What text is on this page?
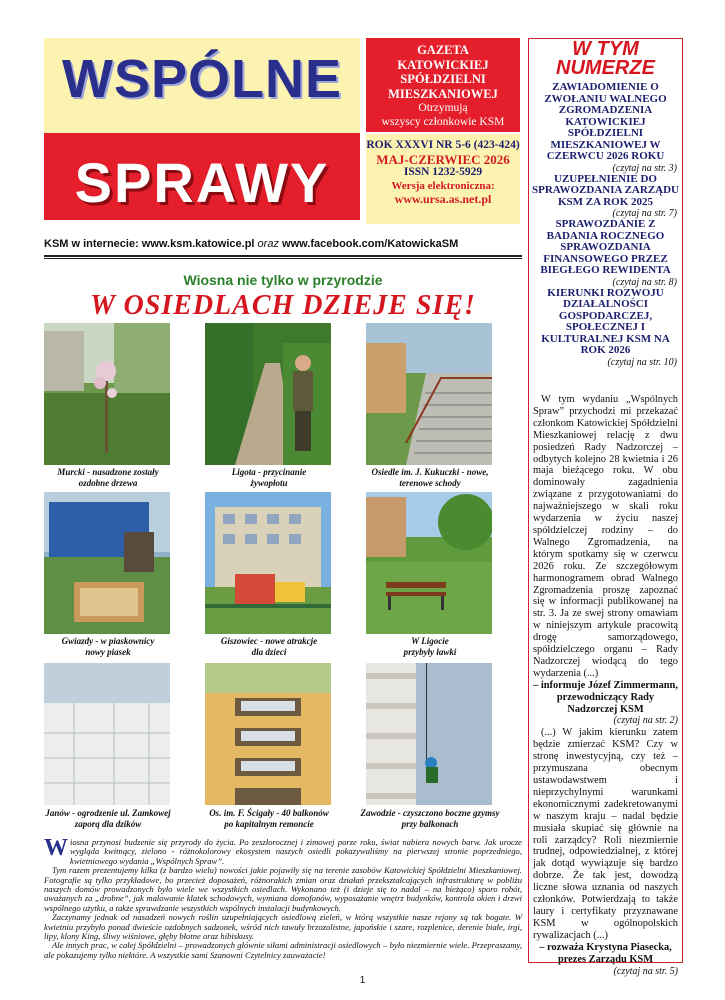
WSPÓLNE
SPRAWY
GAZETA
KATOWICKIEJ
SPÓŁDZIELNI
MIESZKANIOWEJ
Otrzymują
wszyscy członkowie KSM
ROK XXXVI NR 5-6 (423-424)
MAJ-CZERWIEC 2026
ISSN 1232-5929
Wersja elektroniczna:
www.ursa.as.net.pl
KSM w internecie: www.ksm.katowice.pl oraz www.facebook.com/KatowickaSM
Wiosna nie tylko w przyrodzie
W OSIEDLACH DZIEJE SIĘ!
Murcki - nasadzone zostały
ozdobne drzewa
Ligota - przycinanie
żywopłotu
Osiedle im. J. Kukuczki - nowe,
terenowe schody
Gwiazdy - w piaskownicy
nowy piasek
Giszowiec - nowe atrakcje
dla dzieci
W Ligocie
przybyły ławki
Janów - ogrodzenie ul. Zamkowej
zaporą dla dzików
Os. im. F. Ścigały - 40 balkonów
po kapitalnym remoncie
Zawodzie - czyszczono boczne gzymsy
przy balkonach

Wiosna przynosi budzenie się przyrody do życia. Po zeszłorocznej i zimowej porze roku, świat nabiera nowych barw. Jak urocze wygląda kwitnący, zielono - różnokolorowy ekosystem naszych osiedli pokazywaliśmy na pierwszej stronie poprzedniego, kwietniowego wydania „Wspólnych Spraw”.

Tym razem prezentujemy kilka (z bardzo wielu) nowości jakie pojawiły się na terenie zasobów Katowickiej Spółdzielni Mieszkaniowej. Fotografie są tylko przykładowe, bo przecież doposażeń, różnorakich zmian oraz działań przekształcających infrastrukturę w pobliżu naszych domów prowadzonych było wiele we wszystkich osiedlach. Wykonano też (i dzieje się to nadal – na bieżąco) sporo robót, uważanych za „drobne”, jak malowanie klatek schodowych, wymiana domofonów, wyposażanie wnętrz budynków, kontrola okien i drzwi wspólnego użytku, a także sprawdzanie wszystkich wspólnych instalacji budynkowych.

Zaczynamy jednak od nasadzeń nowych roślin uzupełniających osiedlową zieleń, w którą wszystkie nasze rejony są tak bogate. W kwietniu przybyło ponad dwieście ozdobnych sadzonek, wśród nich tawuły brzozolistne, japońskie i szare, rozplenice, derenie białe, irgi, lipy, klony King, śliwy wiśniowe, głęby błotne oraz hibiskusy.

Ale innych prac, w całej Spółdzielni – prowadzonych głównie siłami administracji osiedlowych – było niezmiernie wiele. Przepraszamy, ale pokazujemy tylko niektóre. A wszystkie sami Szanowni Czytelnicy zauważacie!

W TYM
NUMERZE
ZAWIADOMIENIE O ZWOŁANIU WALNEGO ZGROMADZENIA KATOWICKIEJ SPÓŁDZIELNI MIESZKANIOWEJ W CZERWCU 2026 ROKU
(czytaj na str. 3)
UZUPEŁNIENIE DO SPRAWOZDANIA ZARZĄDU KSM ZA ROK 2025
(czytaj na str. 7)
SPRAWOZDANIE Z BADANIA ROCZNEGO SPRAWOZDANIA FINANSOWEGO PRZEZ BIEGŁEGO REWIDENTA
(czytaj na str. 8)
KIERUNKI ROZWOJU DZIAŁALNOŚCI GOSPODARCZEJ, SPOŁECZNEJ I KULTURALNEJ KSM NA ROK 2026
(czytaj na str. 10)

W tym wydaniu „Wspólnych Spraw” przychodzi mi przekazać członkom Katowickiej Spółdzielni Mieszkaniowej relację z dwu posiedzeń Rady Nadzorczej – odbytych kolejno 28 kwietnia i 26 maja bieżącego roku. W obu dominowały zagadnienia związane z przygotowaniami do najważniejszego w skali roku wydarzenia w życiu naszej spółdzielczej rodziny – do Walnego Zgromadzenia, na którym spotkamy się w czerwcu 2026 roku. Ze szczegółowym harmonogramem obrad Walnego Zgromadzenia proszę zapoznać się w informacji publikowanej na str. 3. Ja ze swej strony omawiam w niniejszym artykule pracowitą drogę samorządowego, spółdzielczego organu – Rady Nadzorczej wiodącą do tego wydarzenia (...)

– informuje Józef Zimmermann, przewodniczący Rady Nadzorczej KSM

(czytaj na str. 2)

(...) W jakim kierunku zatem będzie zmierzać KSM? Czy w stronę inwestycyjną, czy też – przymuszana obecnym ustawodawstwem i nieprzychylnymi warunkami ekonomicznymi zadekretowanymi w naszym kraju – nadal będzie musiała skupiać się głównie na roli zarządcy? Roli niezmiernie trudnej, odpowiedzialnej, z której jak dotąd wywiązuje się bardzo dobrze. Że tak jest, dowodzą liczne słowa uznania od naszych członków. Potwierdzają to także laury i certyfikaty przyznawane KSM w ogólnopolskich rywalizacjach (...)

– rozważa Krystyna Piasecka, prezes Zarządu KSM

(czytaj na str. 5)

1
